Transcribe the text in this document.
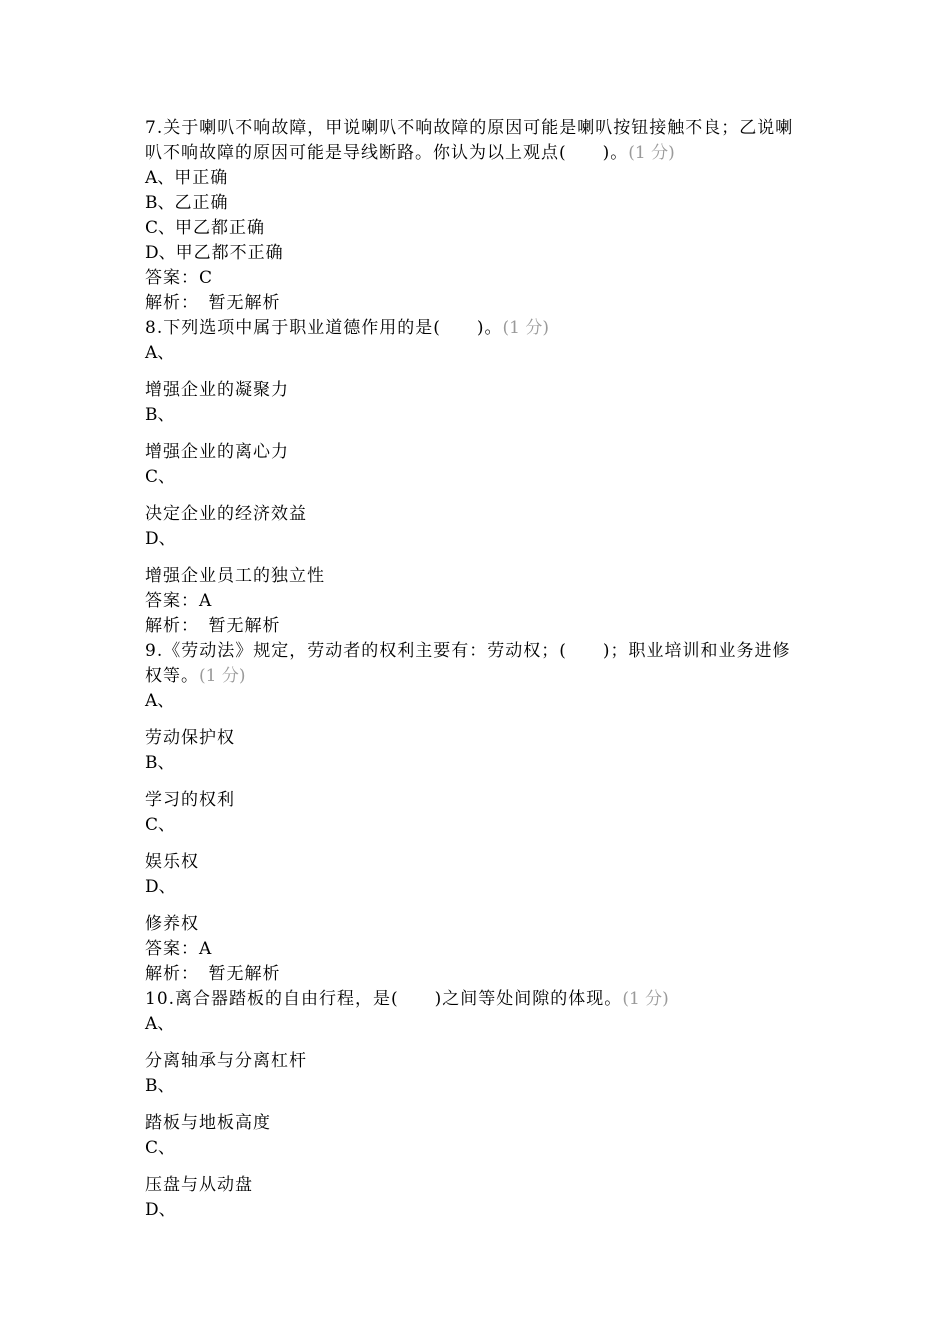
7.关于喇叭不响故障，甲说喇叭不响故障的原因可能是喇叭按钮接触不良；乙说喇叭不响故障的原因可能是导线断路。你认为以上观点(　　)。(1 分)
A、甲正确
B、乙正确
C、甲乙都正确
D、甲乙都不正确
答案：C
解析：　暂无解析
8.下列选项中属于职业道德作用的是(　　)。(1 分)
A、
增强企业的凝聚力
B、
增强企业的离心力
C、
决定企业的经济效益
D、
增强企业员工的独立性
答案：A
解析：　暂无解析
9.《劳动法》规定，劳动者的权利主要有：劳动权；(　　)；职业培训和业务进修权等。(1 分)
A、
劳动保护权
B、
学习的权利
C、
娱乐权
D、
修养权
答案：A
解析：　暂无解析
10.离合器踏板的自由行程，是(　　)之间等处间隙的体现。(1 分)
A、
分离轴承与分离杠杆
B、
踏板与地板高度
C、
压盘与从动盘
D、
